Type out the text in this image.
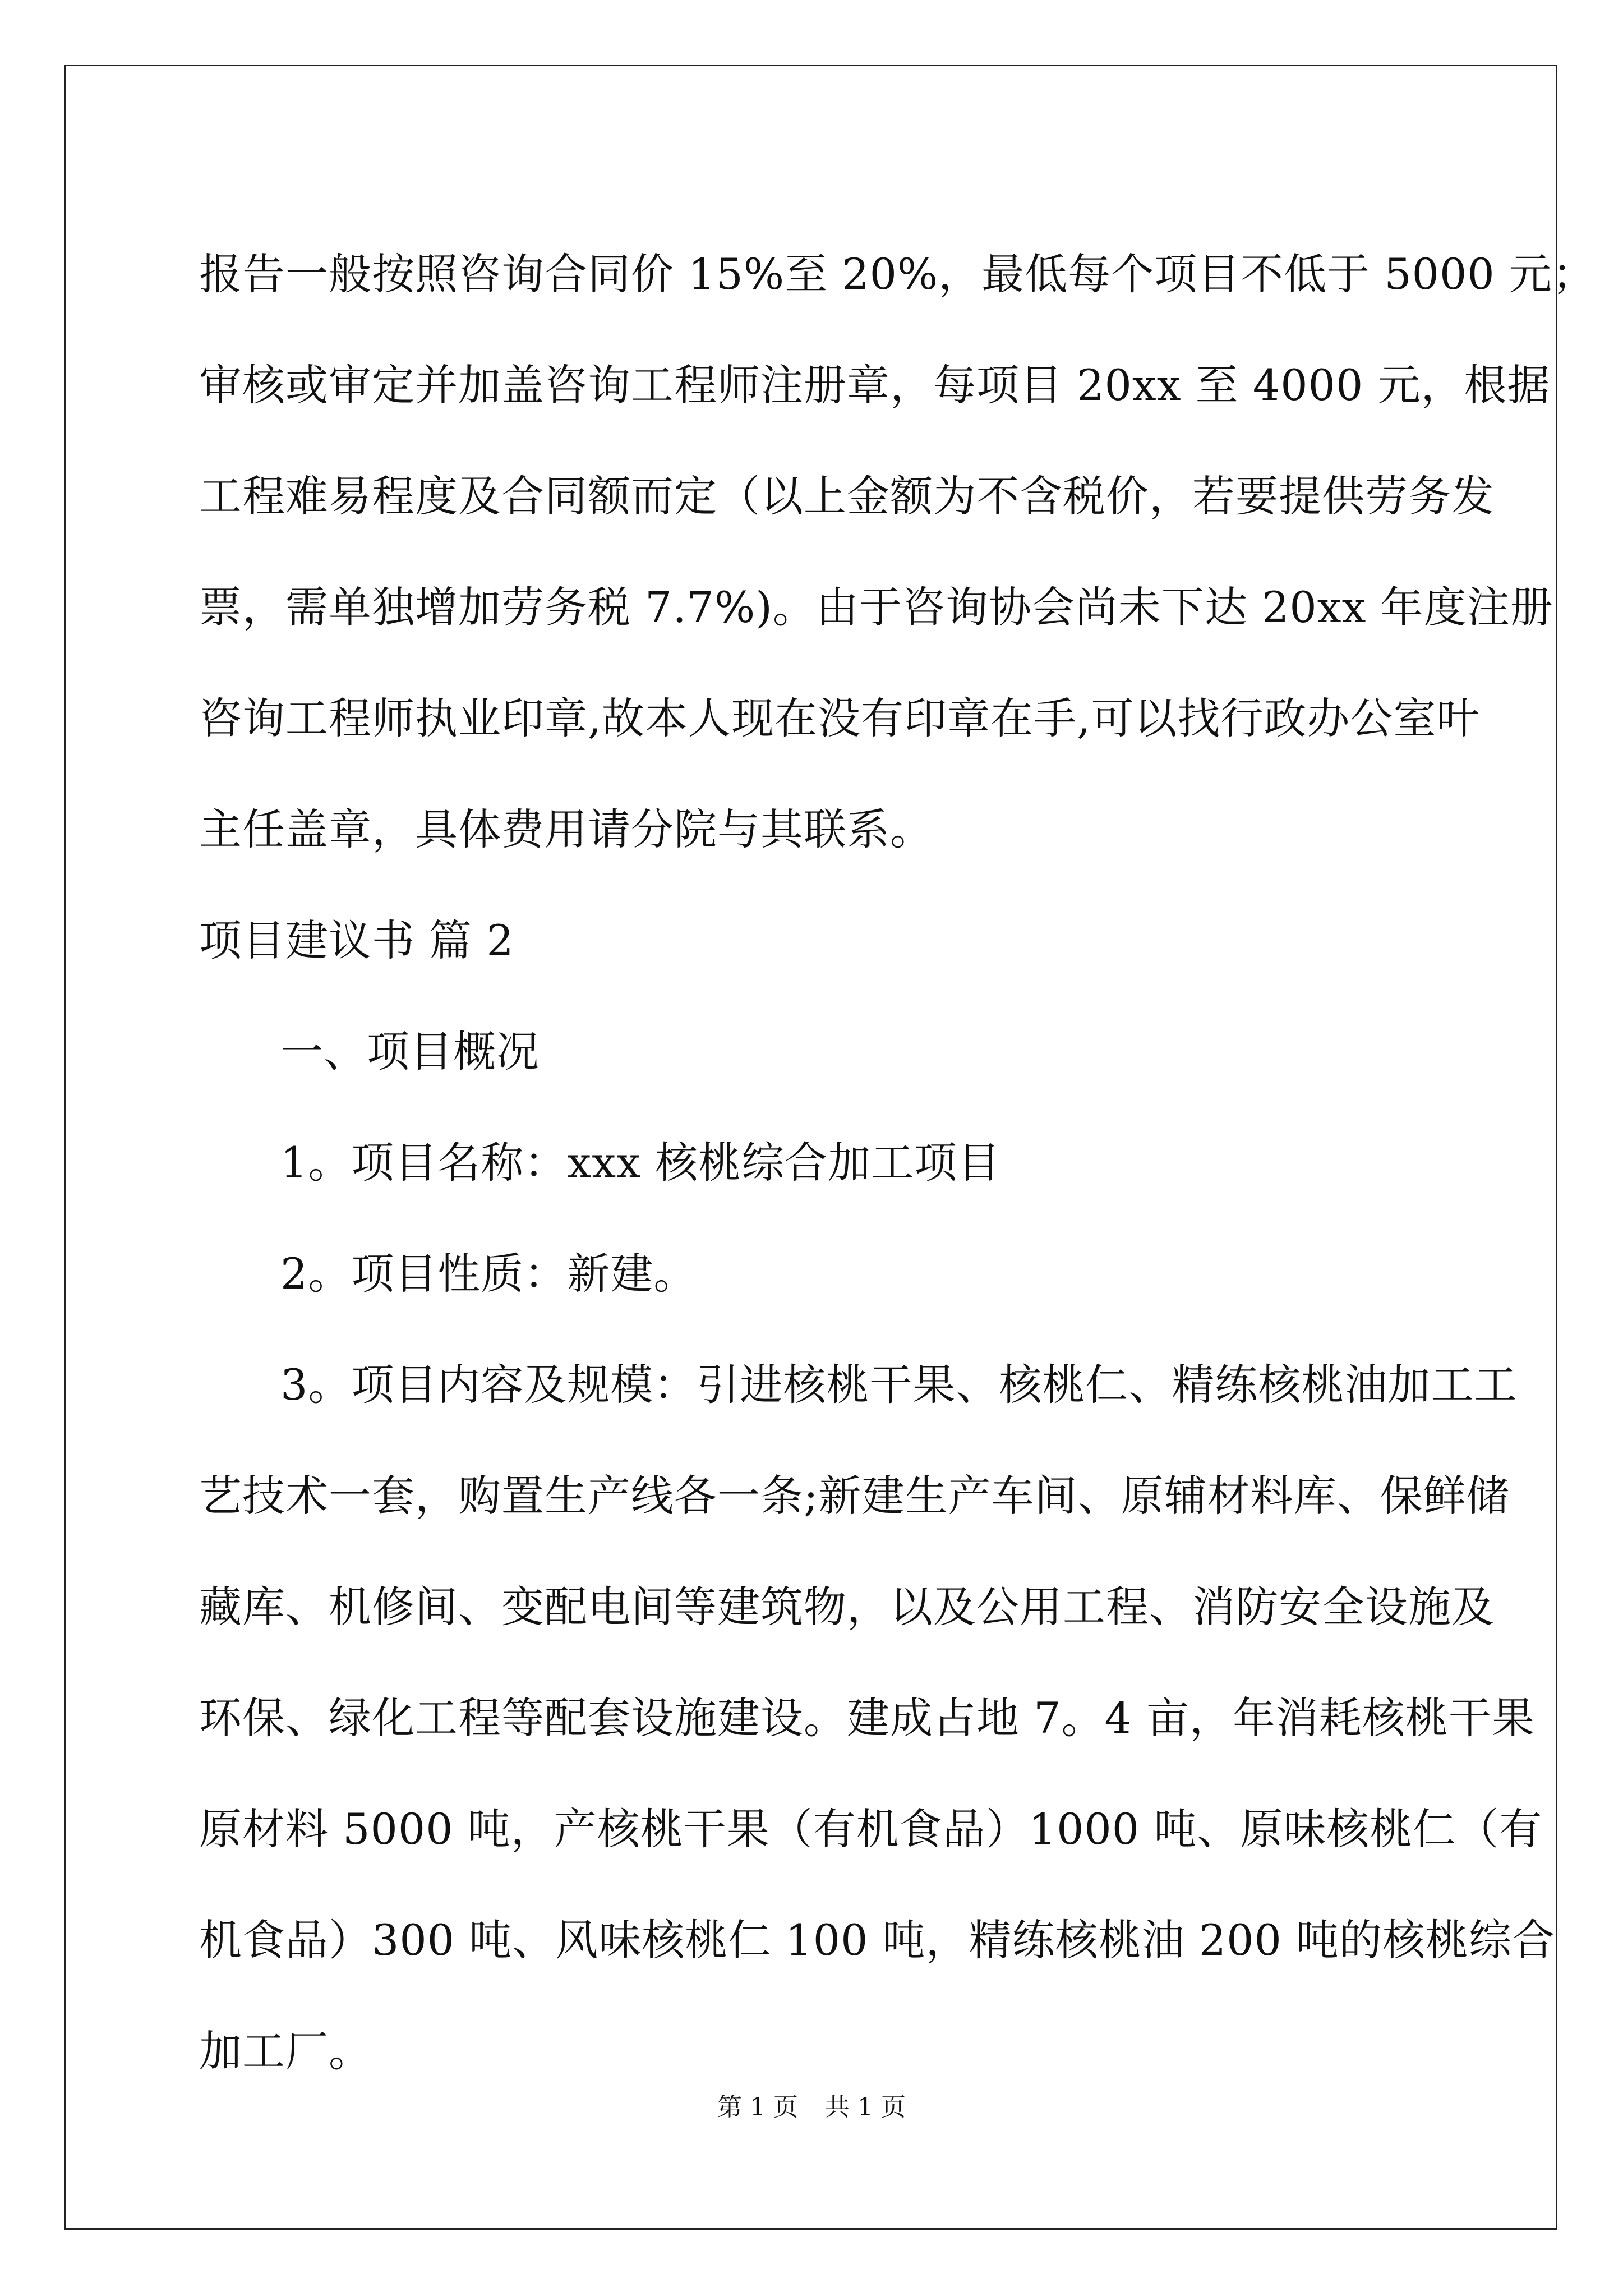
报告一般按照咨询合同价 15%至 20%，最低每个项目不低于 5000 元；
审核或审定并加盖咨询工程师注册章，每项目 20xx 至 4000 元，根据
工程难易程度及合同额而定（以上金额为不含税价，若要提供劳务发
票，需单独增加劳务税 7.7%)。由于咨询协会尚未下达 20xx 年度注册
咨询工程师执业印章,故本人现在没有印章在手,可以找行政办公室叶
主任盖章，具体费用请分院与其联系。
项目建议书 篇 2
一、项目概况
1。项目名称：xxx 核桃综合加工项目
2。项目性质：新建。
3。项目内容及规模：引进核桃干果、核桃仁、精练核桃油加工工
艺技术一套，购置生产线各一条;新建生产车间、原辅材料库、保鲜储
藏库、机修间、变配电间等建筑物，以及公用工程、消防安全设施及
环保、绿化工程等配套设施建设。建成占地 7。4 亩，年消耗核桃干果
原材料 5000 吨，产核桃干果（有机食品）1000 吨、原味核桃仁（有
机食品）300 吨、风味核桃仁 100 吨，精练核桃油 200 吨的核桃综合
加工厂。
第 1 页 共 1 页
